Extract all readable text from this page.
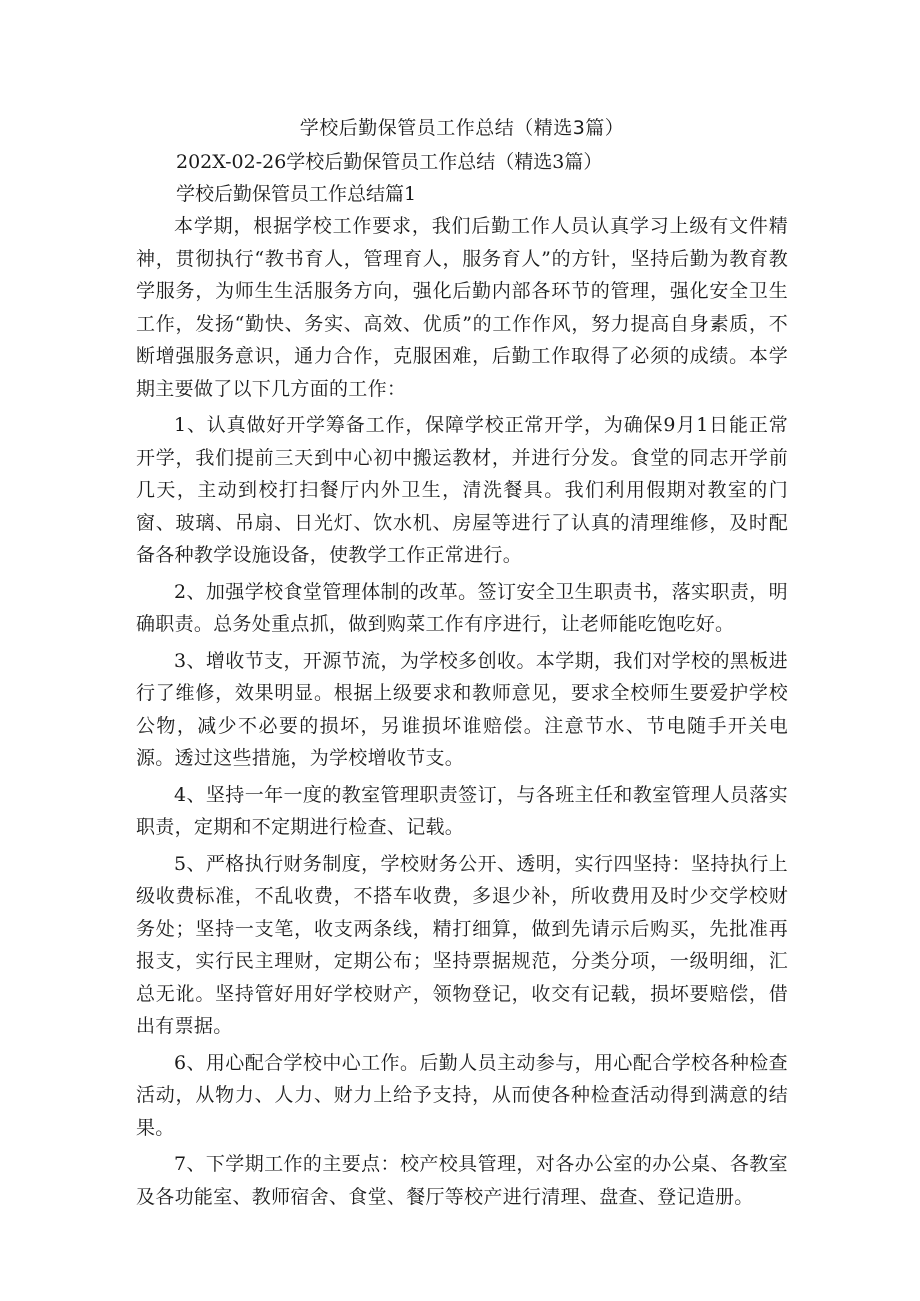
学校后勤保管员工作总结（精选3篇）

202X-02-26学校后勤保管员工作总结（精选3篇）

学校后勤保管员工作总结篇1

本学期，根据学校工作要求，我们后勤工作人员认真学习上级有文件精神，贯彻执行“教书育人，管理育人，服务育人”的方针，坚持后勤为教育教学服务，为师生生活服务方向，强化后勤内部各环节的管理，强化安全卫生工作，发扬“勤快、务实、高效、优质”的工作作风，努力提高自身素质，不断增强服务意识，通力合作，克服困难，后勤工作取得了必须的成绩。本学期主要做了以下几方面的工作：

1、认真做好开学筹备工作，保障学校正常开学，为确保9月1日能正常开学，我们提前三天到中心初中搬运教材，并进行分发。食堂的同志开学前几天，主动到校打扫餐厅内外卫生，清洗餐具。我们利用假期对教室的门窗、玻璃、吊扇、日光灯、饮水机、房屋等进行了认真的清理维修，及时配备各种教学设施设备，使教学工作正常进行。

2、加强学校食堂管理体制的改革。签订安全卫生职责书，落实职责，明确职责。总务处重点抓，做到购菜工作有序进行，让老师能吃饱吃好。

3、增收节支，开源节流，为学校多创收。本学期，我们对学校的黑板进行了维修，效果明显。根据上级要求和教师意见，要求全校师生要爱护学校公物，减少不必要的损坏，另谁损坏谁赔偿。注意节水、节电随手开关电源。透过这些措施，为学校增收节支。

4、坚持一年一度的教室管理职责签订，与各班主任和教室管理人员落实职责，定期和不定期进行检查、记载。

5、严格执行财务制度，学校财务公开、透明，实行四坚持：坚持执行上级收费标准，不乱收费，不搭车收费，多退少补，所收费用及时少交学校财务处；坚持一支笔，收支两条线，精打细算，做到先请示后购买，先批准再报支，实行民主理财，定期公布；坚持票据规范，分类分项，一级明细，汇总无讹。坚持管好用好学校财产，领物登记，收交有记载，损坏要赔偿，借出有票据。

6、用心配合学校中心工作。后勤人员主动参与，用心配合学校各种检查活动，从物力、人力、财力上给予支持，从而使各种检查活动得到满意的结果。

7、下学期工作的主要点：校产校具管理，对各办公室的办公桌、各教室及各功能室、教师宿舍、食堂、餐厅等校产进行清理、盘查、登记造册。
